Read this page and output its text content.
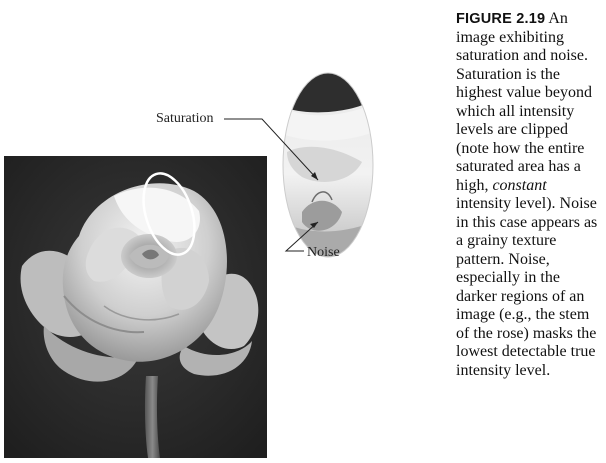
Saturation
Noise
FIGURE 2.19 An image exhibiting saturation and noise. Saturation is the highest value beyond which all intensity levels are clipped (note how the entire saturated area has a high, constant intensity level). Noise in this case appears as a grainy texture pattern. Noise, especially in the darker regions of an image (e.g., the stem of the rose) masks the lowest detectable true intensity level.
